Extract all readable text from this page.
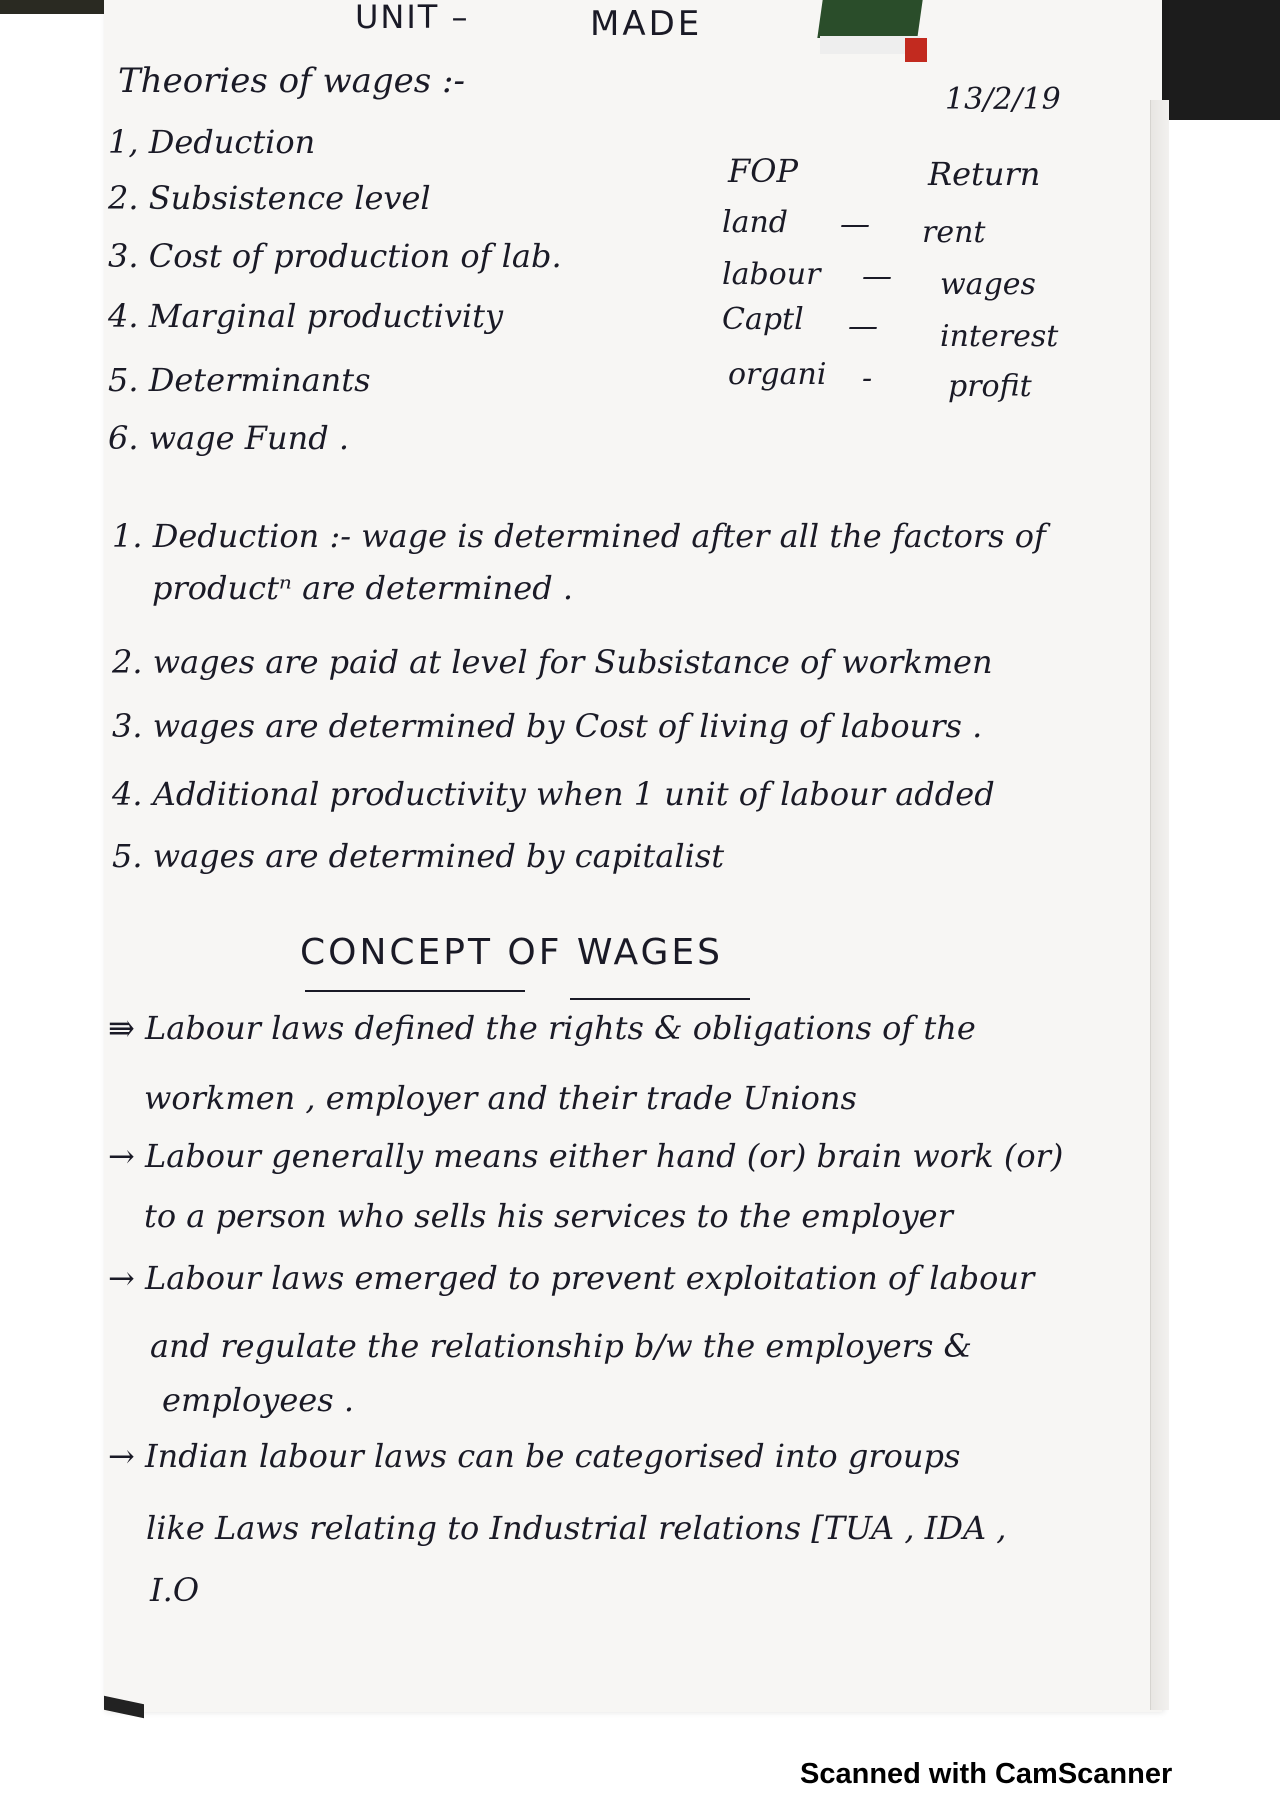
UNIT –	MADE
13/2/19
Theories of wages :-
1, Deduction
2. Subsistence level
3. Cost of production of lab.
4. Marginal productivity
5. Determinants
6. wage Fund .
FOP	Return
land — rent
labour — wages
Captl — interest
organi -	profit
1. Deduction :- wage is determined after all the factors of
productⁿ are determined .
2. wages are paid at level for Subsistance of workmen
3. wages are determined by Cost of living of labours .
4. Additional productivity when 1 unit of labour added
5. wages are determined by capitalist
CONCEPT OF WAGES
⇛ Labour laws defined the rights & obligations of the
workmen , employer and their trade Unions
→ Labour generally means either hand (or) brain work (or)
to a person who sells his services to the employer
→ Labour laws emerged to prevent exploitation of labour
and regulate the relationship b/w the employers &
employees .
→ Indian labour laws can be categorised into groups
like Laws relating to Industrial relations [TUA , IDA ,
I.O
Scanned with CamScanner
